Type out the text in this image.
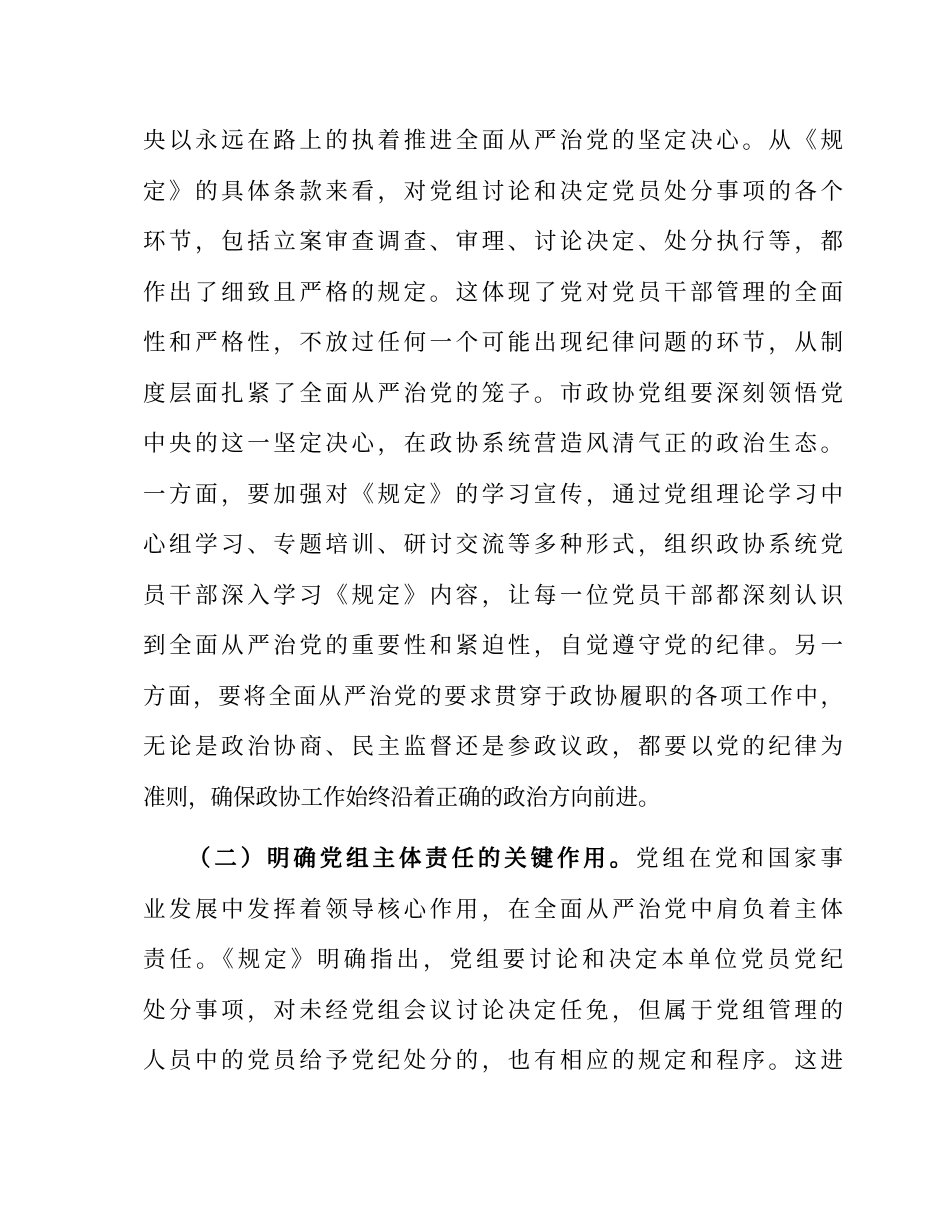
央以永远在路上的执着推进全面从严治党的坚定决心。从《规
定》的具体条款来看，对党组讨论和决定党员处分事项的各个
环节，包括立案审查调查、审理、讨论决定、处分执行等，都
作出了细致且严格的规定。这体现了党对党员干部管理的全面
性和严格性，不放过任何一个可能出现纪律问题的环节，从制
度层面扎紧了全面从严治党的笼子。市政协党组要深刻领悟党
中央的这一坚定决心，在政协系统营造风清气正的政治生态。
一方面，要加强对《规定》的学习宣传，通过党组理论学习中
心组学习、专题培训、研讨交流等多种形式，组织政协系统党
员干部深入学习《规定》内容，让每一位党员干部都深刻认识
到全面从严治党的重要性和紧迫性，自觉遵守党的纪律。另一
方面，要将全面从严治党的要求贯穿于政协履职的各项工作中，
无论是政治协商、民主监督还是参政议政，都要以党的纪律为
准则，确保政协工作始终沿着正确的政治方向前进。
（二）明确党组主体责任的关键作用。党组在党和国家事
业发展中发挥着领导核心作用，在全面从严治党中肩负着主体
责任。《规定》明确指出，党组要讨论和决定本单位党员党纪
处分事项，对未经党组会议讨论决定任免，但属于党组管理的
人员中的党员给予党纪处分的，也有相应的规定和程序。这进
